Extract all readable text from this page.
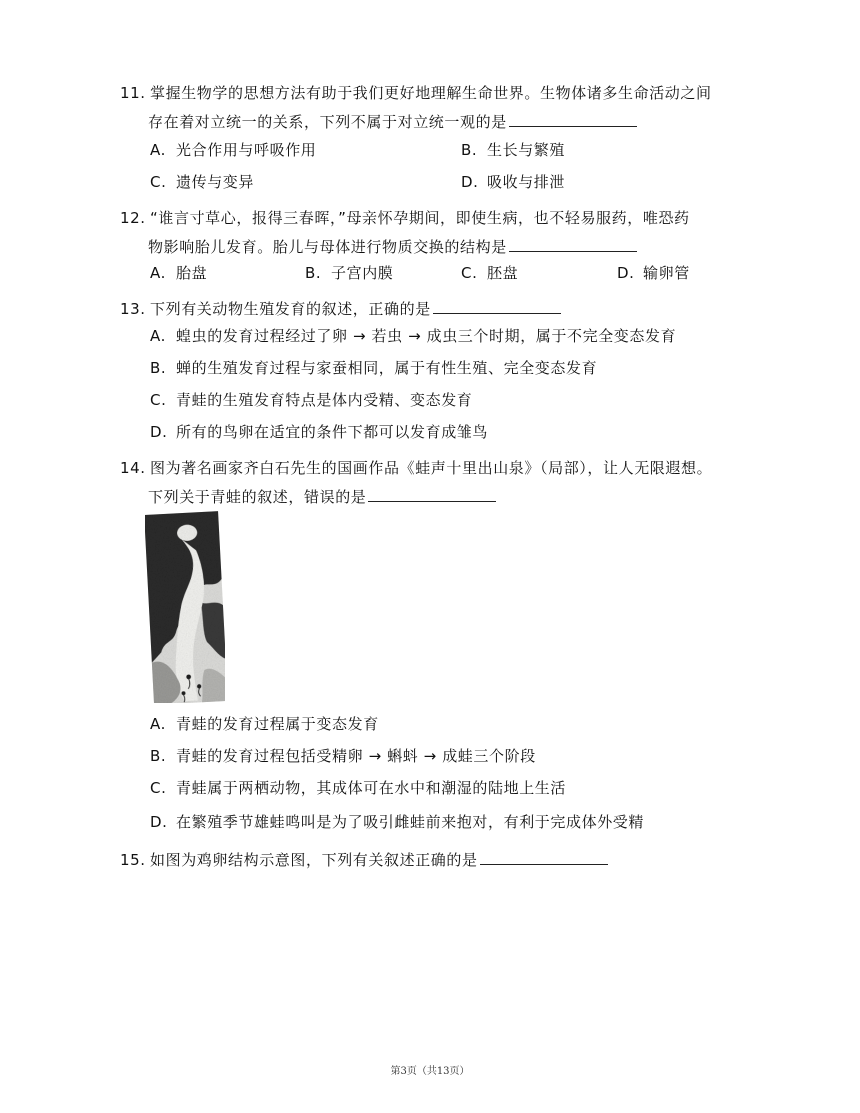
11. 掌握生物学的思想方法有助于我们更好地理解生命世界。生物体诸多生命活动之间
存在着对立统一的关系，下列不属于对立统一观的是
A. 光合作用与呼吸作用	B. 生长与繁殖
C. 遗传与变异	D. 吸收与排泄
12. “谁言寸草心，报得三春晖，”母亲怀孕期间，即使生病，也不轻易服药，唯恐药
物影响胎儿发育。胎儿与母体进行物质交换的结构是
A. 胎盘	B. 子宫内膜	C. 胚盘	D. 输卵管
13. 下列有关动物生殖发育的叙述，正确的是
A. 蝗虫的发育过程经过了卵 → 若虫 → 成虫三个时期，属于不完全变态发育
B. 蝉的生殖发育过程与家蚕相同，属于有性生殖、完全变态发育
C. 青蛙的生殖发育特点是体内受精、变态发育
D. 所有的鸟卵在适宜的条件下都可以发育成雏鸟
14. 图为著名画家齐白石先生的国画作品《蛙声十里出山泉》（局部），让人无限遐想。
下列关于青蛙的叙述，错误的是
A. 青蛙的发育过程属于变态发育
B. 青蛙的发育过程包括受精卵 → 蝌蚪 → 成蛙三个阶段
C. 青蛙属于两栖动物，其成体可在水中和潮湿的陆地上生活
D. 在繁殖季节雄蛙鸣叫是为了吸引雌蛙前来抱对，有利于完成体外受精
15. 如图为鸡卵结构示意图，下列有关叙述正确的是
第3页（共13页）
